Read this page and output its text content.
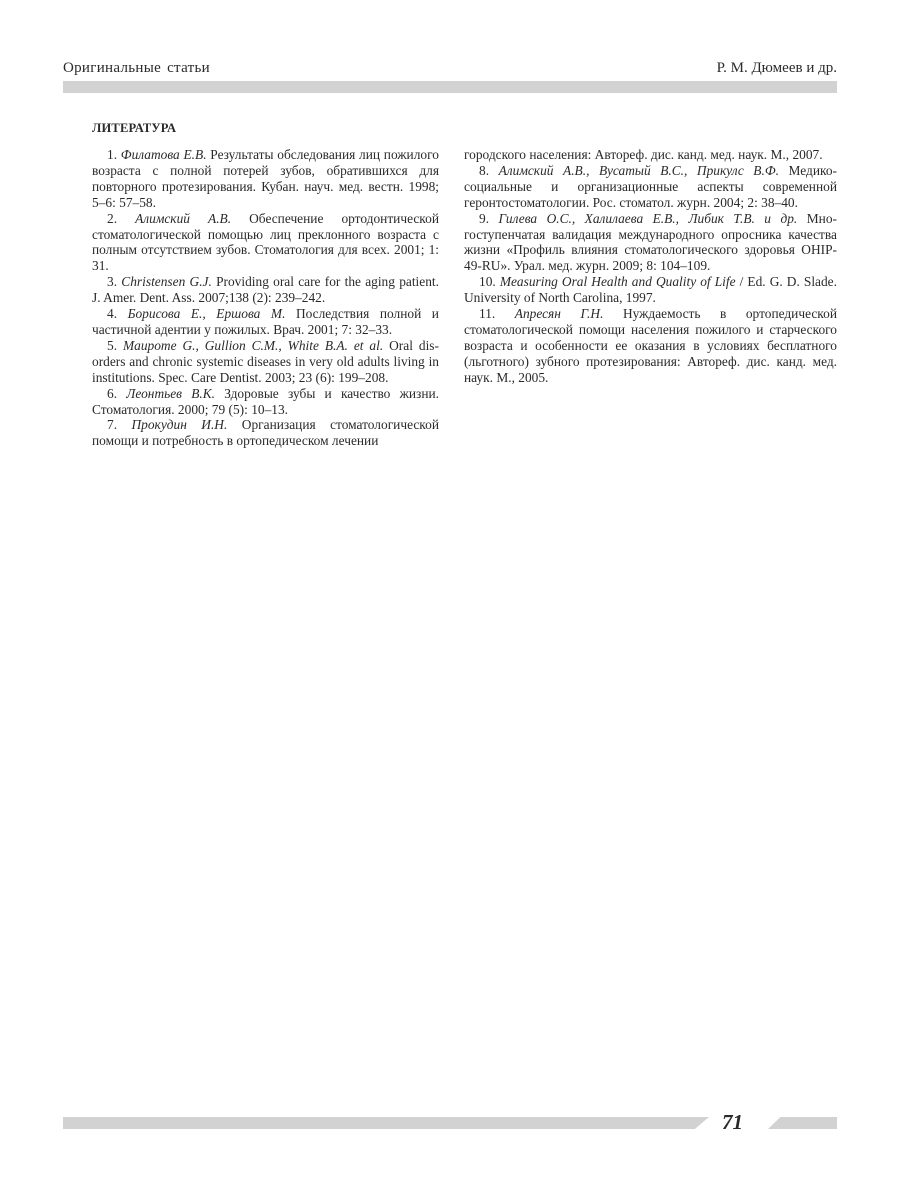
Оригинальные статьи	Р. М. Дюмеев и др.
ЛИТЕРАТУРА

1. Филатова Е.В. Результаты обследования лиц пожилого возраста с полной потерей зубов, обратившихся для повторного протезирования. Кубан. науч. мед. вестн. 1998; 5–6: 57–58.

2. Алимский А.В. Обеспечение ортодонтической стоматологической помощью лиц преклонного возраста с полным отсутствием зубов. Стоматология для всех. 2001; 1: 31.

3. Christensen G.J. Providing oral care for the aging patient. J. Amer. Dent. Ass. 2007;138 (2): 239–242.

4. Борисова Е., Ершова М. Последствия полной и частичной адентии у пожилых. Врач. 2001; 7: 32–33.

5. Maupome G., Gullion C.M., White B.A. et al. Oral disorders and chronic systemic diseases in very old adults living in institutions. Spec. Care Dentist. 2003; 23 (6): 199–208.

6. Леонтьев В.К. Здоровые зубы и качество жизни. Стоматология. 2000; 79 (5): 10–13.

7. Прокудин И.Н. Организация стоматологической помощи и потребность в ортопедическом лечении

городского населения: Автореф. дис. канд. мед. наук. М., 2007.

8. Алимский А.В., Вусатый В.С., Прикулс В.Ф. Медико-социальные и организационные аспекты современной геронтостоматологии. Рос. стоматол. журн. 2004; 2: 38–40.

9. Гилева О.С., Халилаева Е.В., Либик Т.В. и др. Многоступенчатая валидация международного опросника качества жизни «Профиль влияния стоматологического здоровья OHIP-49-RU». Урал. мед. журн. 2009; 8: 104–109.

10. Measuring Oral Health and Quality of Life / Ed. G. D. Slade. University of North Carolina, 1997.

11. Апресян Г.Н. Нуждаемость в ортопедической стоматологической помощи населения пожилого и старческого возраста и особенности ее оказания в условиях бесплатного (льготного) зубного протезирования: Автореф. дис. канд. мед. наук. М., 2005.

71
